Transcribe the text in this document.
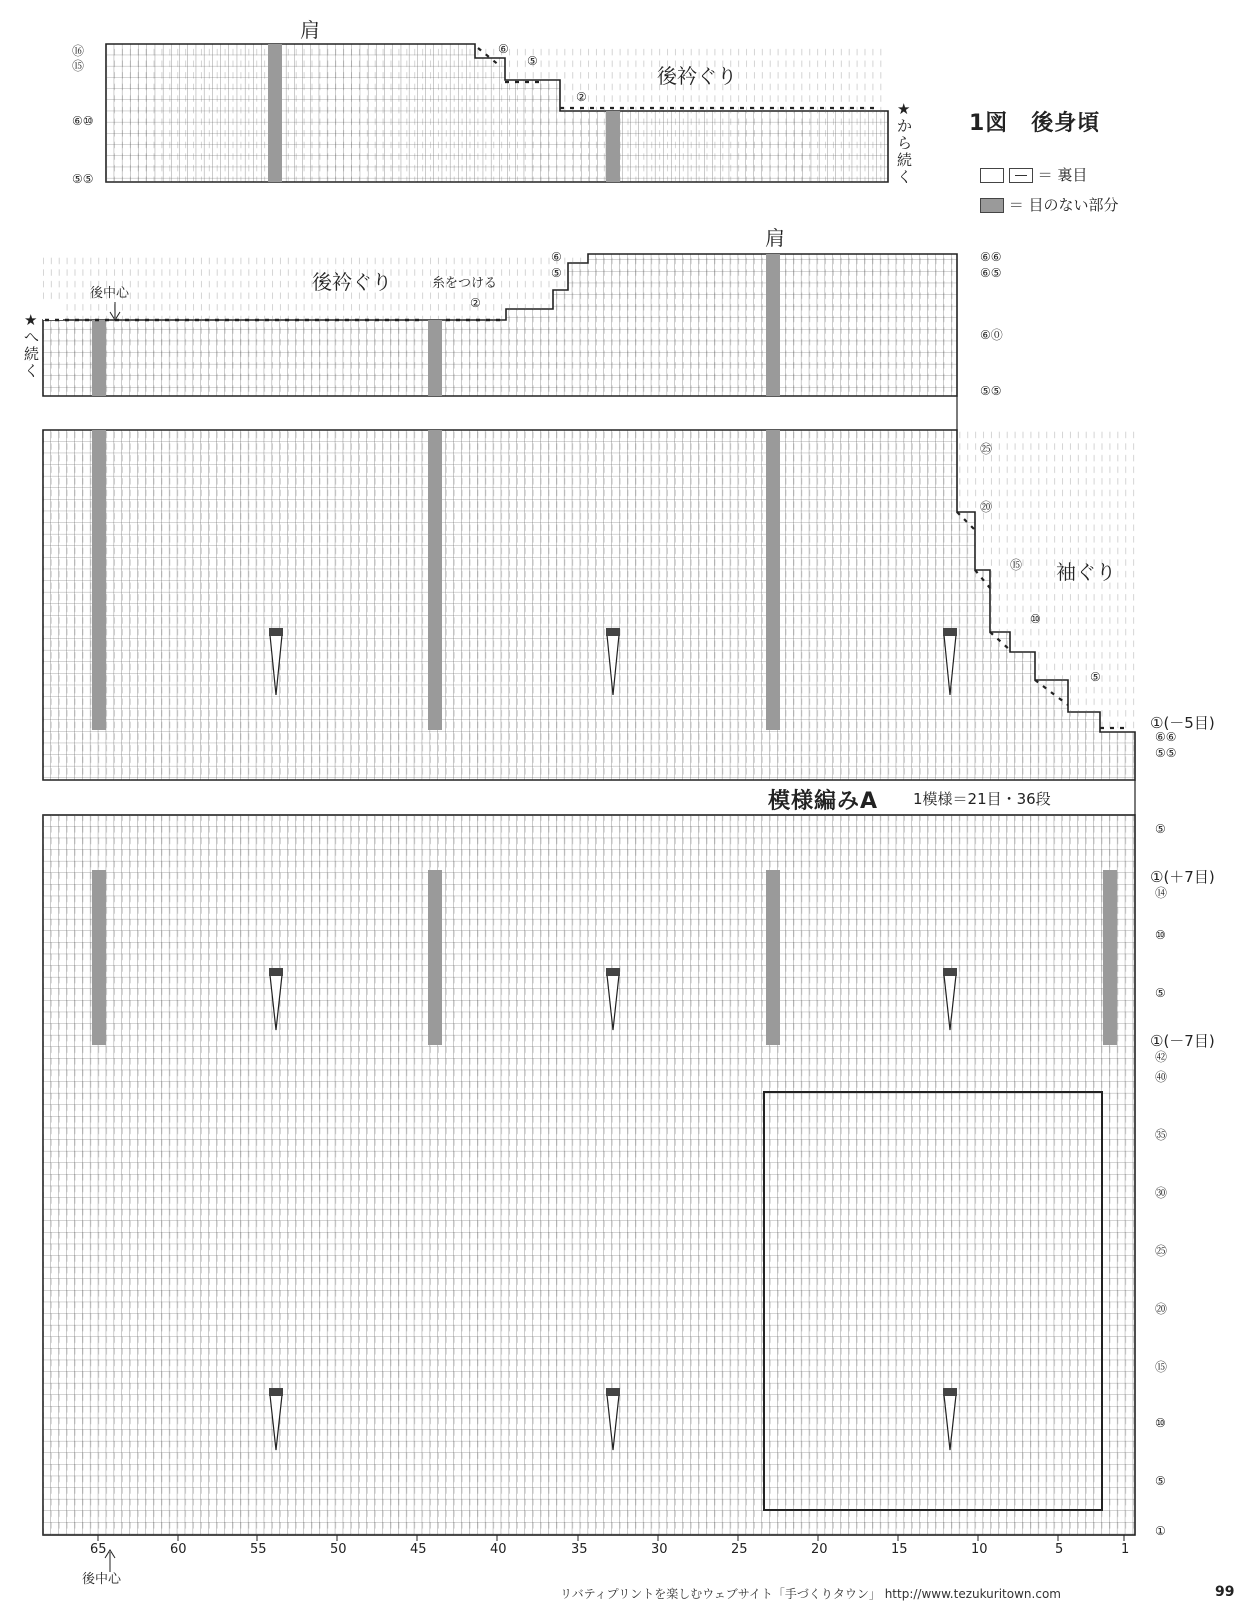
1図　後身頃
＝ 裏目
＝ 目のない部分
肩
後衿ぐり
★から続く
肩
後衿ぐり
後中心
糸をつける
★へ続く
袖ぐり
模様編みA 1模様＝21目・36段
後中心
⑯
⑮
⑥⑩
⑤⑤
⑥
⑤
②
⑥⑥
⑥⑤
⑥⓪
⑤⑤
⑥
⑤
②
㉕
⑳
⑮
⑩
⑤
①(－5目)
⑥⑥
⑤⑤
⑤
①(＋7目)
⑭
⑩
⑤
①(－7目)
㊷
㊵
㉟
㉚
㉕
⑳
⑮
⑩
⑤
①
65	60	55	50	45	40	35	30	25	20	15	10	5	1
リバティプリントを楽しむウェブサイト「手づくりタウン」 http://www.tezukuritown.com	99
